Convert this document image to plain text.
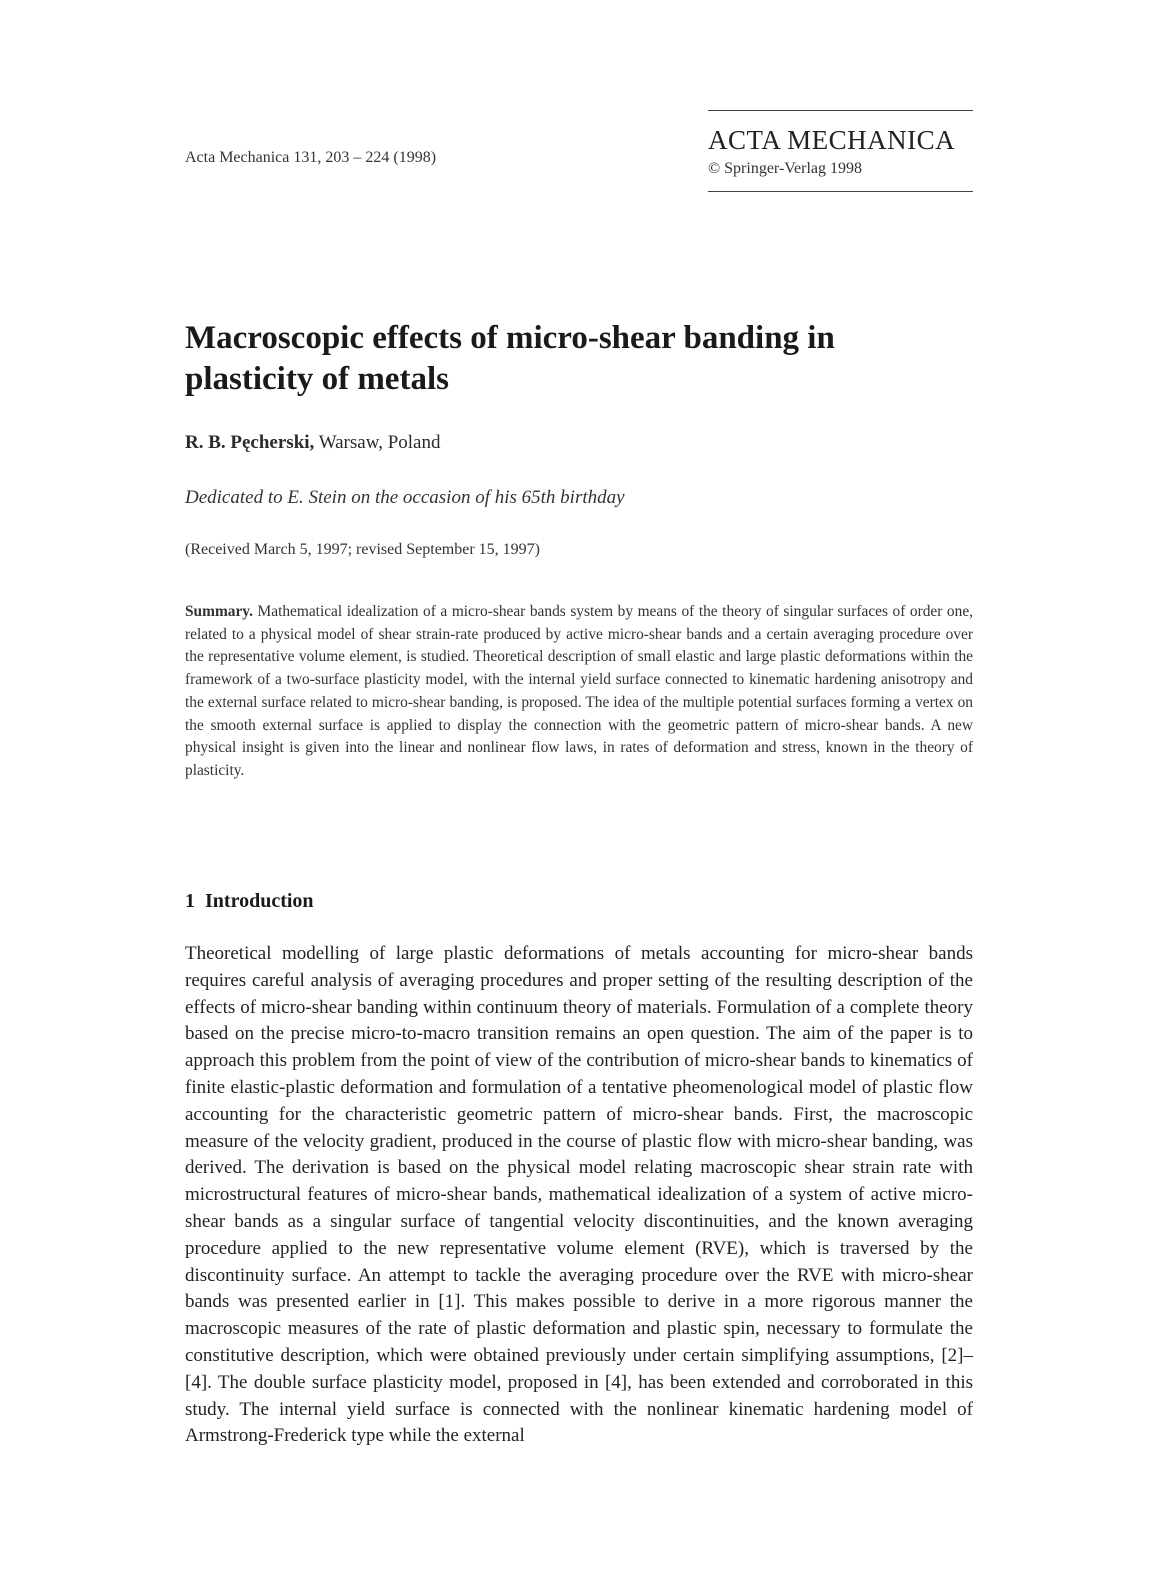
Acta Mechanica 131, 203 – 224 (1998)
ACTA MECHANICA
© Springer-Verlag 1998
Macroscopic effects of micro-shear banding in plasticity of metals
R. B. Pęcherski, Warsaw, Poland
Dedicated to E. Stein on the occasion of his 65th birthday
(Received March 5, 1997; revised September 15, 1997)
Summary. Mathematical idealization of a micro-shear bands system by means of the theory of singular surfaces of order one, related to a physical model of shear strain-rate produced by active micro-shear bands and a certain averaging procedure over the representative volume element, is studied. Theoretical description of small elastic and large plastic deformations within the framework of a two-surface plasticity model, with the internal yield surface connected to kinematic hardening anisotropy and the external surface related to micro-shear banding, is proposed. The idea of the multiple potential surfaces forming a vertex on the smooth external surface is applied to display the connection with the geometric pattern of micro-shear bands. A new physical insight is given into the linear and nonlinear flow laws, in rates of deformation and stress, known in the theory of plasticity.
1 Introduction

Theoretical modelling of large plastic deformations of metals accounting for micro-shear bands requires careful analysis of averaging procedures and proper setting of the resulting description of the effects of micro-shear banding within continuum theory of materials. Formulation of a complete theory based on the precise micro-to-macro transition remains an open question. The aim of the paper is to approach this problem from the point of view of the contribution of micro-shear bands to kinematics of finite elastic-plastic deformation and formulation of a tentative pheomenological model of plastic flow accounting for the characteristic geometric pattern of micro-shear bands. First, the macroscopic measure of the velocity gradient, produced in the course of plastic flow with micro-shear banding, was derived. The derivation is based on the physical model relating macroscopic shear strain rate with microstructural features of micro-shear bands, mathematical idealization of a system of active micro-shear bands as a singular surface of tangential velocity discontinuities, and the known averaging procedure applied to the new representative volume element (RVE), which is traversed by the discontinuity surface. An attempt to tackle the averaging procedure over the RVE with micro-shear bands was presented earlier in [1]. This makes possible to derive in a more rigorous manner the macroscopic measures of the rate of plastic deformation and plastic spin, necessary to formulate the constitutive description, which were obtained previously under certain simplifying assumptions, [2]–[4]. The double surface plasticity model, proposed in [4], has been extended and corroborated in this study. The internal yield surface is connected with the nonlinear kinematic hardening model of Armstrong-Frederick type while the external
